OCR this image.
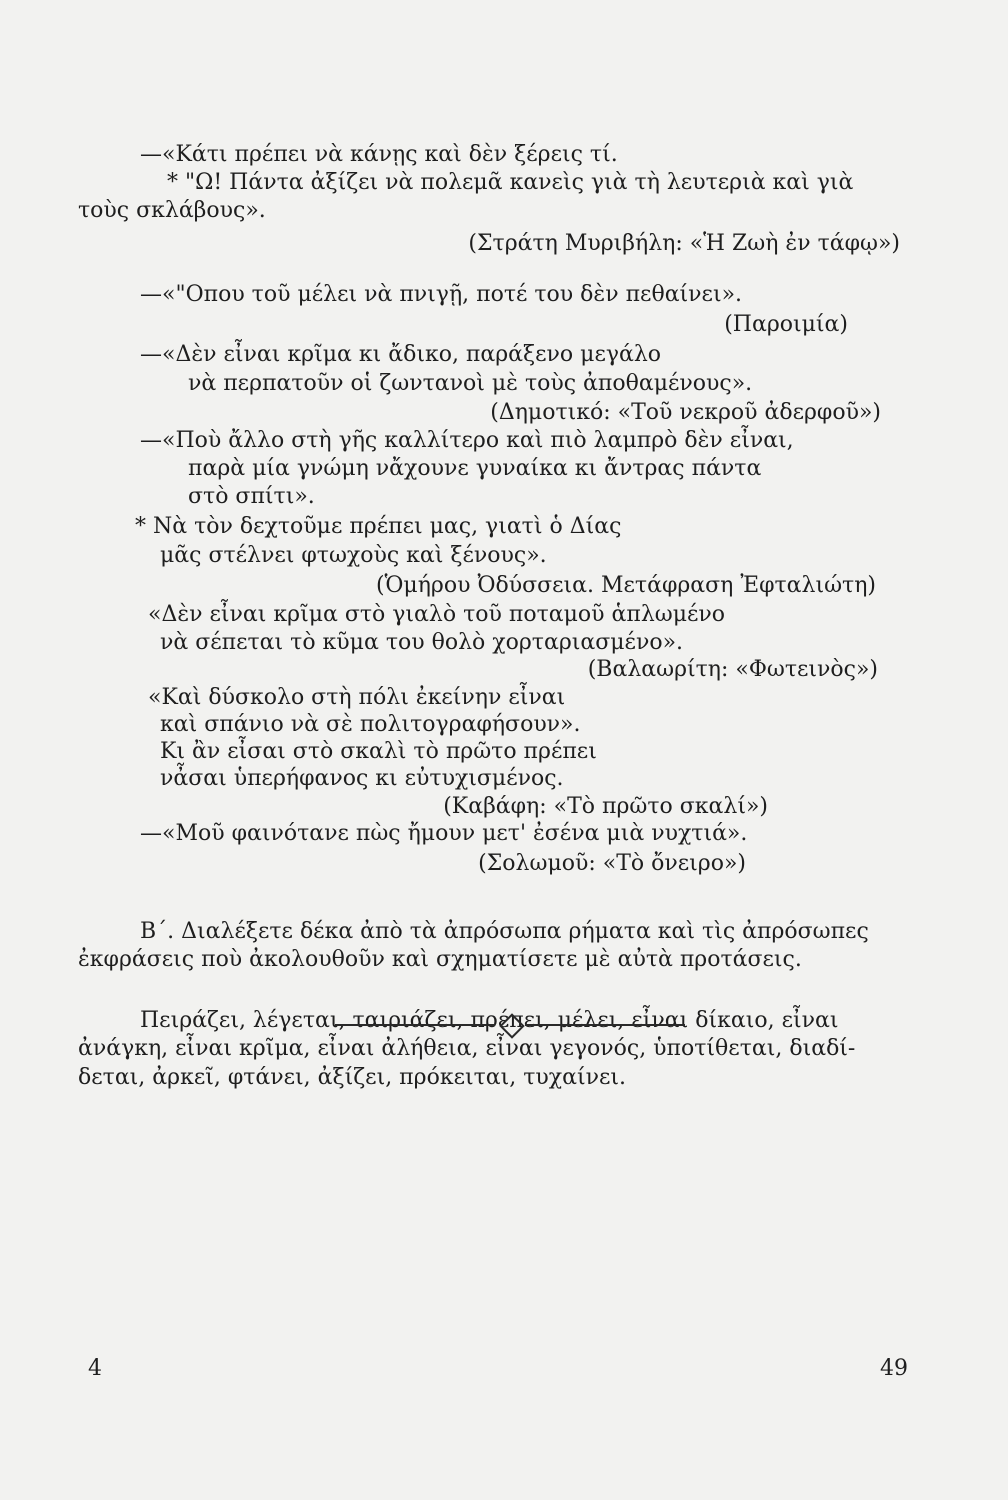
—«Κάτι πρέπει νὰ κάνῃς καὶ δὲν ξέρεις τί.
* "Ω! Πάντα ἀξίζει νὰ πολεμᾶ κανεὶς γιὰ τὴ λευτεριὰ καὶ γιὰ
τοὺς σκλάβους».
(Στράτη Μυριβήλη: «Ἡ Ζωὴ ἐν τάφῳ»)
—«"Οπου τοῦ μέλει νὰ πνιγῇ, ποτέ του δὲν πεθαίνει».
(Παροιμία)
—«Δὲν εἶναι κρῖμα κι ἄδικο, παράξενο μεγάλο
νὰ περπατοῦν οἱ ζωντανοὶ μὲ τοὺς ἀποθαμένους».
(Δημοτικό: «Τοῦ νεκροῦ ἀδερφοῦ»)
—«Ποὺ ἄλλο στὴ γῆς καλλίτερο καὶ πιὸ λαμπρὸ δὲν εἶναι,
παρὰ μία γνώμη νἄχουνε γυναίκα κι ἄντρας πάντα
στὸ σπίτι».
* Νὰ τὸν δεχτοῦμε πρέπει μας, γιατὶ ὁ Δίας
μᾶς στέλνει φτωχοὺς καὶ ξένους».
(Ὁμήρου Ὀδύσσεια. Μετάφραση Ἐφταλιώτη)
«Δὲν εἶναι κρῖμα στὸ γιαλὸ τοῦ ποταμοῦ ἁπλωμένο
νὰ σέπεται τὸ κῦμα του θολὸ χορταριασμένο».
(Βαλαωρίτη: «Φωτεινὸς»)
«Καὶ δύσκολο στὴ πόλι ἐκείνην εἶναι
καὶ σπάνιο νὰ σὲ πολιτογραφήσουν».
Κι ἂν εἶσαι στὸ σκαλὶ τὸ πρῶτο πρέπει
νἆσαι ὑπερήφανος κι εὐτυχισμένος.
(Καβάφη: «Τὸ πρῶτο σκαλί»)
—«Μοῦ φαινότανε πὼς ἤμουν μετ' ἐσένα μιὰ νυχτιά».
(Σολωμοῦ: «Τὸ ὄνειρο»)
Β΄. Διαλέξετε δέκα ἀπὸ τὰ ἀπρόσωπα ρήματα καὶ τὶς ἀπρόσωπες
ἐκφράσεις ποὺ ἀκολουθοῦν καὶ σχηματίσετε μὲ αὐτὰ προτάσεις.
Πειράζει, λέγεται, ταιριάζει, πρέπει, μέλει, εἶναι δίκαιο, εἶναι
ἀνάγκη, εἶναι κρῖμα, εἶναι ἀλήθεια, εἶναι γεγονός, ὑποτίθεται, διαδί-
δεται, ἀρκεῖ, φτάνει, ἀξίζει, πρόκειται, τυχαίνει.
4	49
